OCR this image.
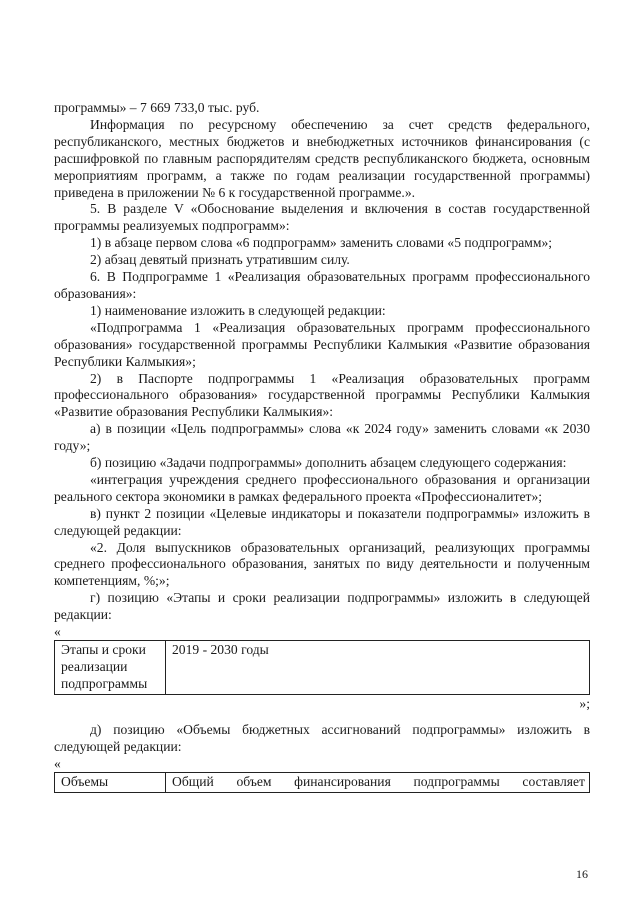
программы» – 7 669 733,0 тыс. руб.

Информация по ресурсному обеспечению за счет средств федерального, республиканского, местных бюджетов и внебюджетных источников финансирования (с расшифровкой по главным распорядителям средств республиканского бюджета, основным мероприятиям программ, а также по годам реализации государственной программы) приведена в приложении № 6 к государственной программе.».

5. В разделе V «Обоснование выделения и включения в состав государственной программы реализуемых подпрограмм»:

1) в абзаце первом слова «6 подпрограмм» заменить словами «5 подпрограмм»;

2) абзац девятый признать утратившим силу.

6. В Подпрограмме 1 «Реализация образовательных программ профессионального образования»:

1) наименование изложить в следующей редакции:

«Подпрограмма 1 «Реализация образовательных программ профессионального образования» государственной программы Республики Калмыкия «Развитие образования Республики Калмыкия»;

2) в Паспорте подпрограммы 1 «Реализация образовательных программ профессионального образования» государственной программы Республики Калмыкия «Развитие образования Республики Калмыкия»:

а) в позиции «Цель подпрограммы» слова «к 2024 году» заменить словами «к 2030 году»;

б) позицию «Задачи подпрограммы» дополнить абзацем следующего содержания:

«интеграция учреждения среднего профессионального образования и организации реального сектора экономики в рамках федерального проекта «Профессионалитет»;

в) пункт 2 позиции «Целевые индикаторы и показатели подпрограммы» изложить в следующей редакции:

«2. Доля выпускников образовательных организаций, реализующих программы среднего профессионального образования, занятых по виду деятельности и полученным компетенциям, %;»;

г) позицию «Этапы и сроки реализации подпрограммы» изложить в следующей редакции:

«

Этапы и сроки реализации подпрограммы	2019 - 2030 годы

»;

д) позицию «Объемы бюджетных ассигнований подпрограммы» изложить в следующей редакции:

«

Объемы	Общий объем финансирования подпрограммы составляет
16
